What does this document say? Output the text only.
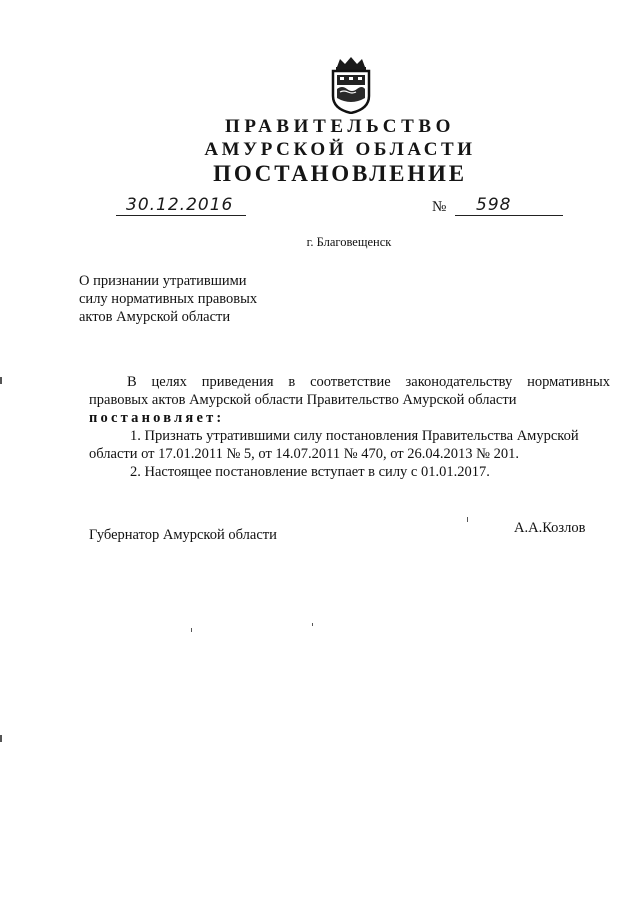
ПРАВИТЕЛЬСТВО
АМУРСКОЙ ОБЛАСТИ
ПОСТАНОВЛЕНИЕ
30.12.2016	№ 598
г. Благовещенск
О признании утратившими
силу нормативных правовых
актов Амурской области
В целях приведения в соответствие законодательству нормативных
правовых актов Амурской области Правительство Амурской области
постановляет:
1. Признать утратившими силу постановления Правительства Амурской
области от 17.01.2011 № 5, от 14.07.2011 № 470, от 26.04.2013 № 201.
2. Настоящее постановление вступает в силу с 01.01.2017.
Губернатор Амурской области	А.А.Козлов
